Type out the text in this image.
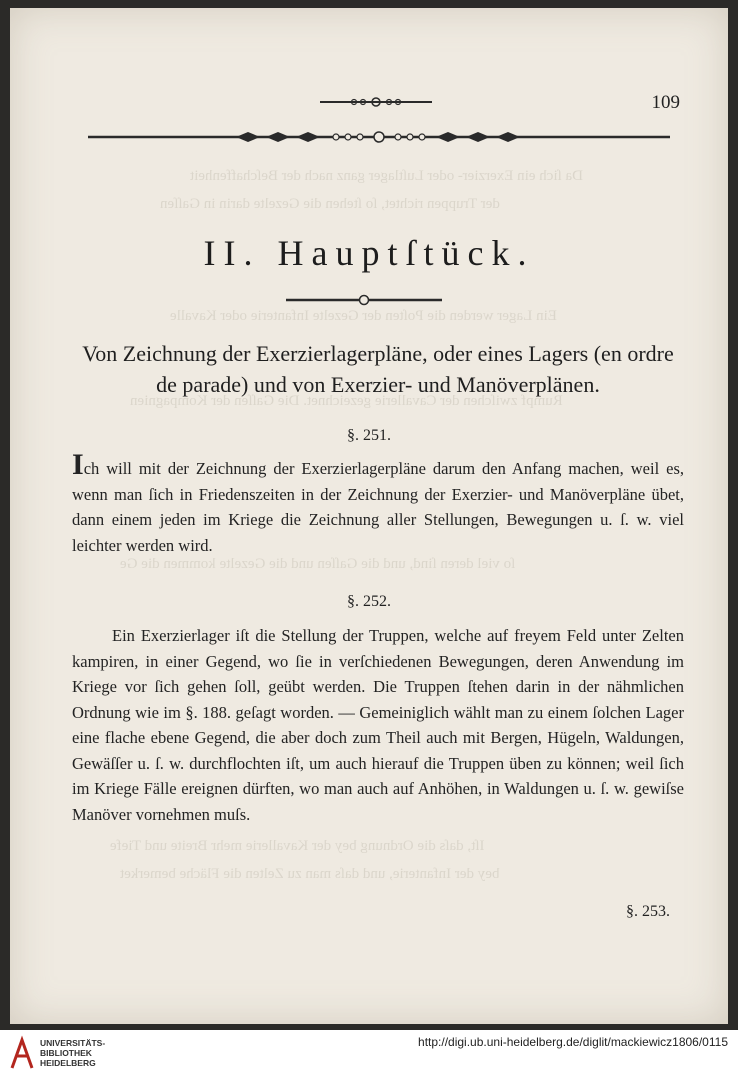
Da ſich ein Exerzier- oder Luſtlager ganz nach der Beſchaffenheit
der Truppen richtet, ſo ſtehen die Gezelte darin in Gaſſen
Ein Lager werden die Poſten der Gezelte Infanterie oder Kavalle
Rumpf zwiſchen der Cavallerie gezeichnet. Die Gaſſen der Kompagnien
ſo viel deren ſind, und die Gaſſen und die Gezelte kommen die Ge
Iſt, daſs die Ordnung bey der Kavallerie mehr Breite und Tiefe
bey der Infanterie, und daſs man zu Zelten die Fläche bemerket
109
II. Hauptſtück.
Von Zeichnung der Exerzierlagerpläne, oder eines Lagers (en ordre de parade) und von Exerzier- und Manöverplänen.
§. 251.
Ich will mit der Zeichnung der Exerzierlagerpläne darum den Anfang machen, weil es, wenn man ſich in Friedenszeiten in der Zeichnung der Exerzier- und Manöverpläne übet, dann einem jeden im Kriege die Zeichnung aller Stellungen, Bewegungen u. ſ. w. viel leichter werden wird.
§. 252.
Ein Exerzierlager iſt die Stellung der Truppen, welche auf freyem Feld unter Zelten kampiren, in einer Gegend, wo ſie in verſchiedenen Bewegungen, deren Anwendung im Kriege vor ſich gehen ſoll, geübt werden. Die Truppen ſtehen darin in der nähmlichen Ordnung wie im §. 188. geſagt worden. — Gemeiniglich wählt man zu einem ſolchen Lager eine flache ebene Gegend, die aber doch zum Theil auch mit Bergen, Hügeln, Waldungen, Gewäſſer u. ſ. w. durchflochten iſt, um auch hierauf die Truppen üben zu können; weil ſich im Kriege Fälle ereignen dürften, wo man auch auf Anhöhen, in Waldungen u. ſ. w. gewiſse Manöver vornehmen muſs.
§. 253.
UNIVERSITÄTS-
BIBLIOTHEK
HEIDELBERG
http://digi.ub.uni-heidelberg.de/diglit/mackiewicz1806/0115
